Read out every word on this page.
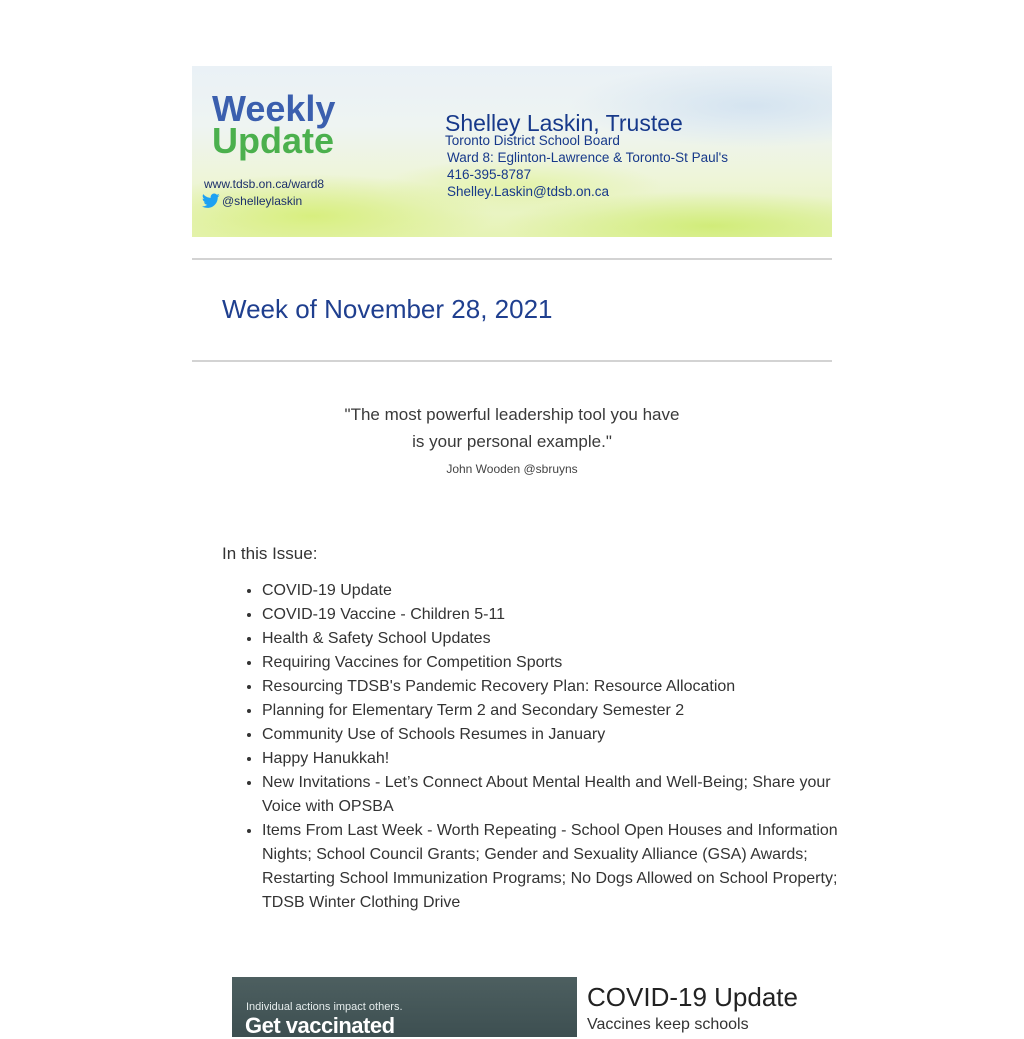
Weekly
Update
www.tdsb.on.ca/ward8
@shelleylaskin
Shelley Laskin, Trustee
Toronto District School Board
Ward 8: Eglinton-Lawrence & Toronto-St Paul's
416-395-8787
Shelley.Laskin@tdsb.on.ca
Week of November 28, 2021
"The most powerful leadership tool you have
is your personal example."
John Wooden @sbruyns
In this Issue:
• COVID-19 Update
• COVID-19 Vaccine - Children 5-11
• Health & Safety School Updates
• Requiring Vaccines for Competition Sports
• Resourcing TDSB's Pandemic Recovery Plan: Resource Allocation
• Planning for Elementary Term 2 and Secondary Semester 2
• Community Use of Schools Resumes in January
• Happy Hanukkah!
• New Invitations - Let’s Connect About Mental Health and Well-Being; Share your Voice with OPSBA
• Items From Last Week - Worth Repeating - School Open Houses and Information Nights; School Council Grants; Gender and Sexuality Alliance (GSA) Awards; Restarting School Immunization Programs; No Dogs Allowed on School Property; TDSB Winter Clothing Drive
Individual actions impact others.
Get vaccinated
COVID-19 Update
Vaccines keep schools
